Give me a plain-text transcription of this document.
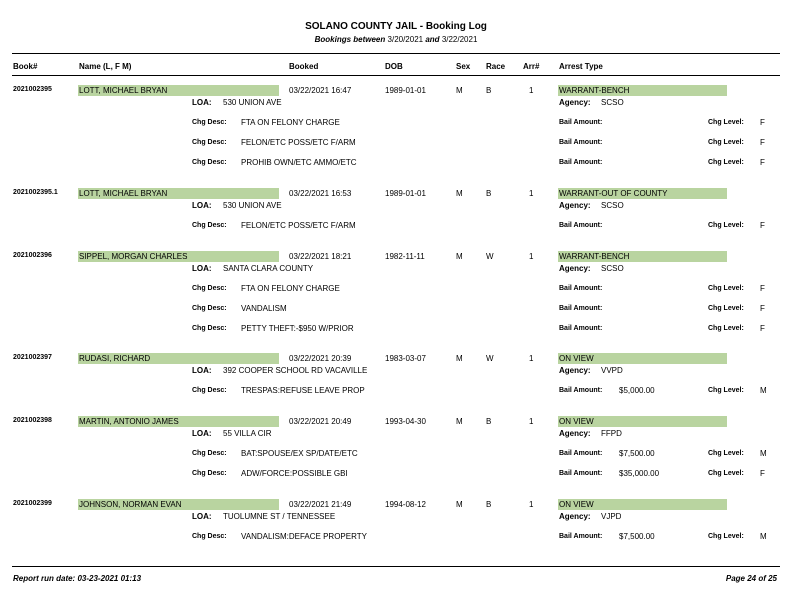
SOLANO COUNTY JAIL - Booking Log
Bookings between 3/20/2021 and 3/22/2021
Book#	Name (L, F M)	Booked	DOB	Sex Race Arr# Arrest Type
2021002395	LOTT, MICHAEL BRYAN	03/22/2021 16:47	1989-01-01	M	B	1	WARRANT-BENCH
LOA: 530 UNION AVE	Agency: SCSO
Chg Desc: FTA ON FELONY CHARGE	Bail Amount:	Chg Level: F
Chg Desc: FELON/ETC POSS/ETC F/ARM	Bail Amount:	Chg Level: F
Chg Desc: PROHIB OWN/ETC AMMO/ETC	Bail Amount:	Chg Level: F
2021002395.1	LOTT, MICHAEL BRYAN	03/22/2021 16:53	1989-01-01	M	B	1	WARRANT-OUT OF COUNTY
LOA: 530 UNION AVE	Agency: SCSO
Chg Desc: FELON/ETC POSS/ETC F/ARM	Bail Amount:	Chg Level: F
2021002396	SIPPEL, MORGAN CHARLES	03/22/2021 18:21	1982-11-11	M	W	1	WARRANT-BENCH
LOA: SANTA CLARA COUNTY	Agency: SCSO
Chg Desc: FTA ON FELONY CHARGE	Bail Amount:	Chg Level: F
Chg Desc: VANDALISM	Bail Amount:	Chg Level: F
Chg Desc: PETTY THEFT:-$950 W/PRIOR	Bail Amount:	Chg Level: F
2021002397	RUDASI, RICHARD	03/22/2021 20:39	1983-03-07	M	W	1	ON VIEW
LOA: 392 COOPER SCHOOL RD VACAVILLE	Agency: VVPD
Chg Desc: TRESPAS:REFUSE LEAVE PROP	Bail Amount: $5,000.00	Chg Level: M
2021002398	MARTIN, ANTONIO JAMES	03/22/2021 20:49	1993-04-30	M	B	1	ON VIEW
LOA: 55 VILLA CIR	Agency: FFPD
Chg Desc: BAT:SPOUSE/EX SP/DATE/ETC	Bail Amount: $7,500.00	Chg Level: M
Chg Desc: ADW/FORCE:POSSIBLE GBI	Bail Amount: $35,000.00	Chg Level: F
2021002399	JOHNSON, NORMAN EVAN	03/22/2021 21:49	1994-08-12	M	B	1	ON VIEW
LOA: TUOLUMNE ST / TENNESSEE	Agency: VJPD
Chg Desc: VANDALISM:DEFACE PROPERTY	Bail Amount: $7,500.00	Chg Level: M
Report run date: 03-23-2021 01:13	Page 24 of 25
